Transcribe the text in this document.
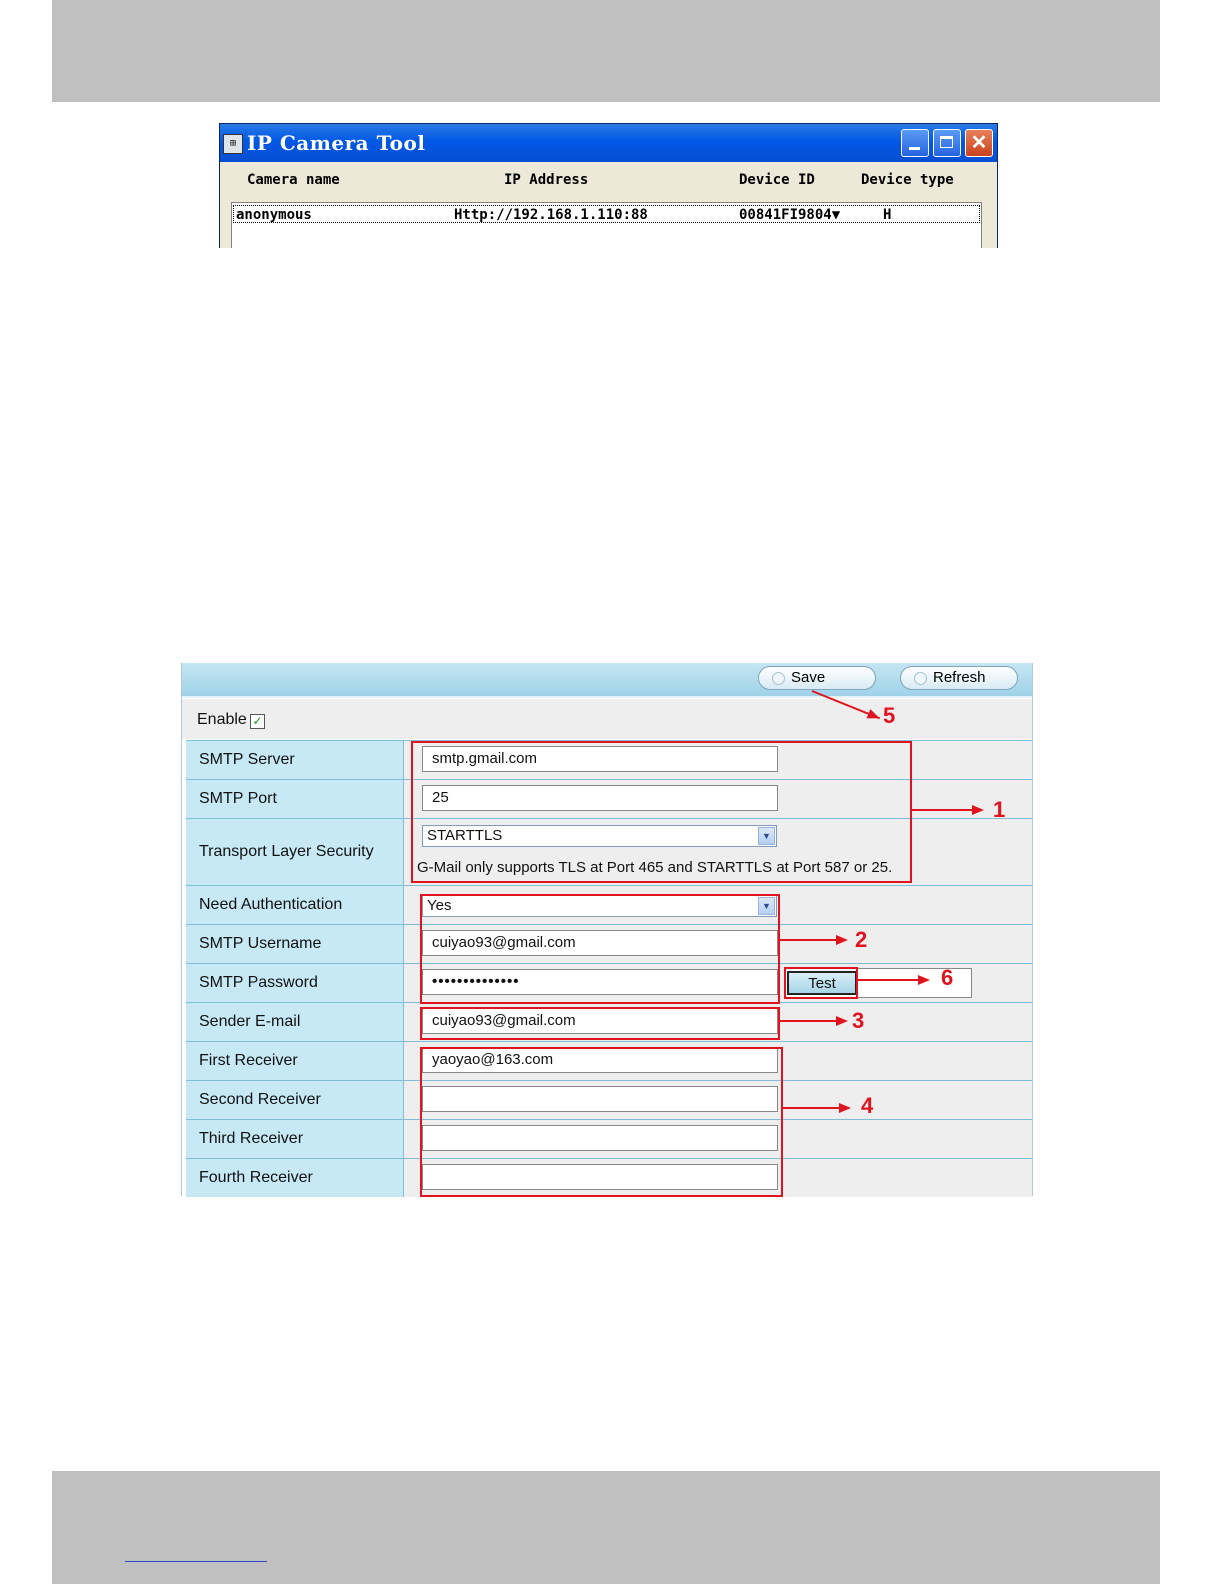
⊞ IP Camera Tool	✕
Camera name	IP Address	Device ID	Device type
anonymous	Http://192.168.1.110:88	00841FI9804▼	H
Save	Refresh
Enable ✓
SMTP Server	smtp.gmail.com
SMTP Port	25
Transport Layer Security
STARTTLS	▼
G-Mail only supports TLS at Port 465 and STARTTLS at Port 587 or 25.
Need Authentication	Yes	▼
SMTP Username	cuiyao93@gmail.com
SMTP Password	••••••••••••••	Test
Sender E-mail	cuiyao93@gmail.com
First Receiver	yaoyao@163.com
Second Receiver
Third Receiver
Fourth Receiver
1
2
3
4
5
6
